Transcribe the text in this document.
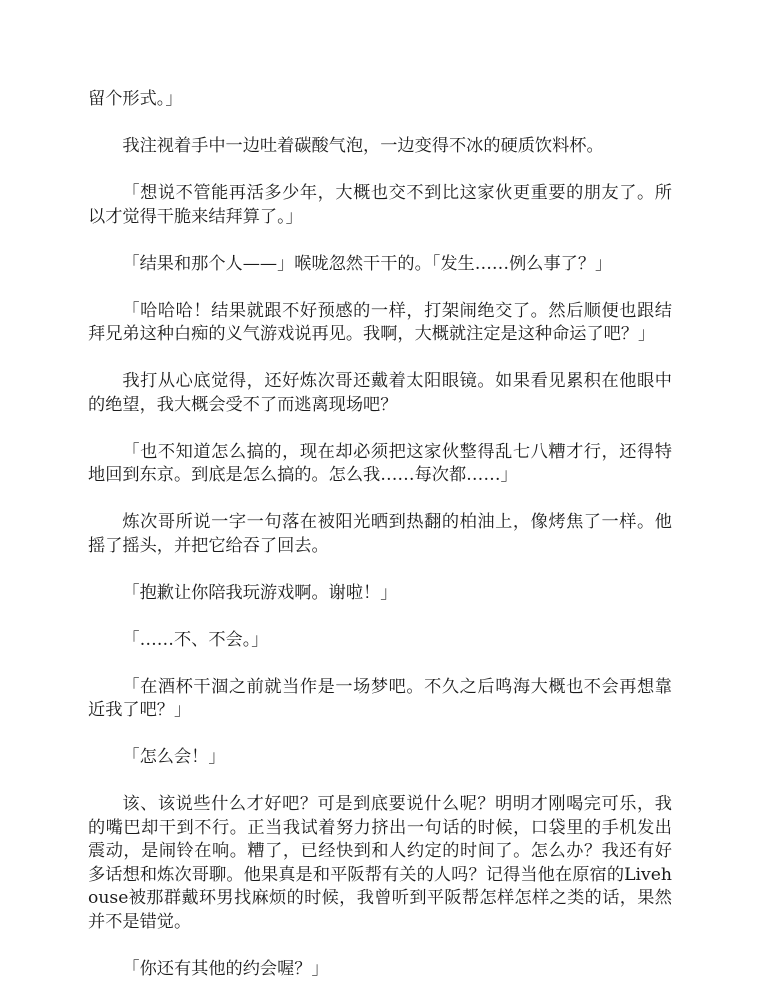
留个形式。」

我注视着手中一边吐着碳酸气泡，一边变得不冰的硬质饮料杯。

「想说不管能再活多少年，大概也交不到比这家伙更重要的朋友了。所以才觉得干脆来结拜算了。」

「结果和那个人——」喉咙忽然干干的。「发生……例么事了？」

「哈哈哈！结果就跟不好预感的一样，打架闹绝交了。然后顺便也跟结拜兄弟这种白痴的义气游戏说再见。我啊，大概就注定是这种命运了吧？」

我打从心底觉得，还好炼次哥还戴着太阳眼镜。如果看见累积在他眼中的绝望，我大概会受不了而逃离现场吧？

「也不知道怎么搞的，现在却必须把这家伙整得乱七八糟才行，还得特地回到东京。到底是怎么搞的。怎么我……每次都……」

炼次哥所说一字一句落在被阳光晒到热翻的柏油上，像烤焦了一样。他摇了摇头，并把它给吞了回去。

「抱歉让你陪我玩游戏啊。谢啦！」

「……不、不会。」

「在酒杯干涸之前就当作是一场梦吧。不久之后鸣海大概也不会再想靠近我了吧？」

「怎么会！」

该、该说些什么才好吧？可是到底要说什么呢？明明才刚喝完可乐，我的嘴巴却干到不行。正当我试着努力挤出一句话的时候，口袋里的手机发出震动，是闹铃在响。糟了，已经快到和人约定的时间了。怎么办？我还有好多话想和炼次哥聊。他果真是和平阪帮有关的人吗？记得当他在原宿的Livehouse被那群戴环男找麻烦的时候，我曾听到平阪帮怎样怎样之类的话，果然并不是错觉。

「你还有其他的约会喔？」
